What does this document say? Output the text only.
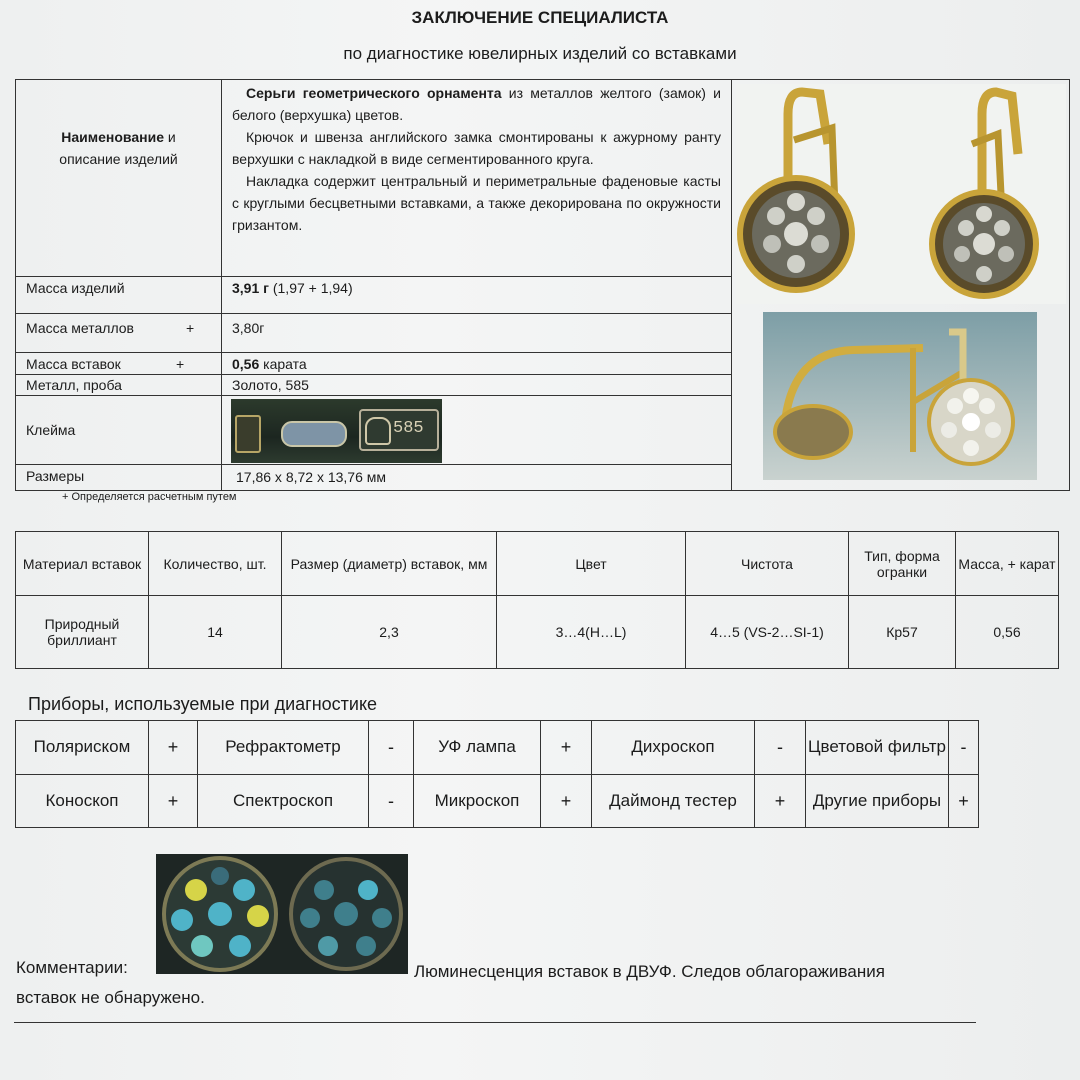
ЗАКЛЮЧЕНИЕ СПЕЦИАЛИСТА
по диагностике ювелирных изделий со вставками
Наименование и
описание изделий

Серьги геометрического орнамента из металлов желтого (замок) и белого (верхушка) цветов.

Крючок и швенза английского замка смонтированы к ажурному ранту верхушки с накладкой в виде сегментированного круга.

Накладка содержит центральный и периметральные фаденовые касты с круглыми бесцветными вставками, а также декорирована по окружности гризантом.

Масса изделий	3,91 г (1,97 + 1,94)
Масса металлов	+	3,80г
Масса вставок	+	0,56 карата
Металл, проба	Золото, 585
Клейма	585
Размеры	17,86 х 8,72 х 13,76 мм
+ Определяется расчетным путем
Материал вставок	Количество, шт.	Размер (диаметр) вставок, мм	Цвет	Чистота	Тип, форма огранки	Масса, + карат
Природный бриллиант	14	2,3	3…4(H…L)	4…5 (VS-2…SI-1)	Кр57	0,56
Приборы, используемые при диагностике
Поляриском	+	Рефрактометр	-	УФ лампа	+	Дихроскоп	-	Цветовой фильтр	-
Коноскоп	+	Спектроскоп	-	Микроскоп	+	Даймонд тестер	+	Другие приборы	+
Комментарии:	Люминесценция вставок в ДВУФ. Следов облагораживания
вставок не обнаружено.
